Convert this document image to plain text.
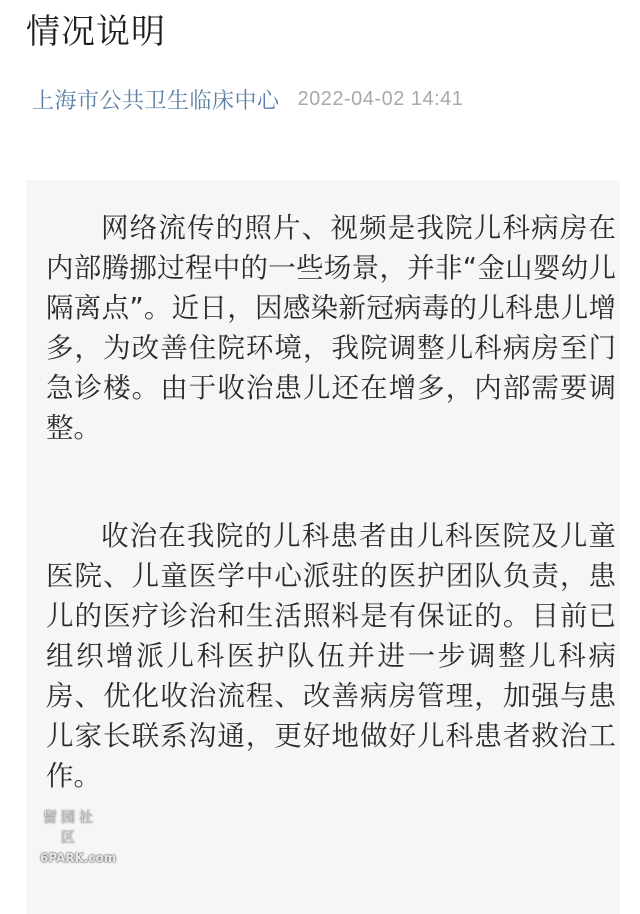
情况说明
上海市公共卫生临床中心 2022-04-02 14:41

网络流传的照片、视频是我院儿科病房在内部腾挪过程中的一些场景，并非“金山婴幼儿隔离点”。近日，因感染新冠病毒的儿科患儿增多，为改善住院环境，我院调整儿科病房至门急诊楼。由于收治患儿还在增多，内部需要调整。

收治在我院的儿科患者由儿科医院及儿童医院、儿童医学中心派驻的医护团队负责，患儿的医疗诊治和生活照料是有保证的。目前已组织增派儿科医护队伍并进一步调整儿科病房、优化收治流程、改善病房管理，加强与患儿家长联系沟通，更好地做好儿科患者救治工作。

留园社区
6PARK.com
